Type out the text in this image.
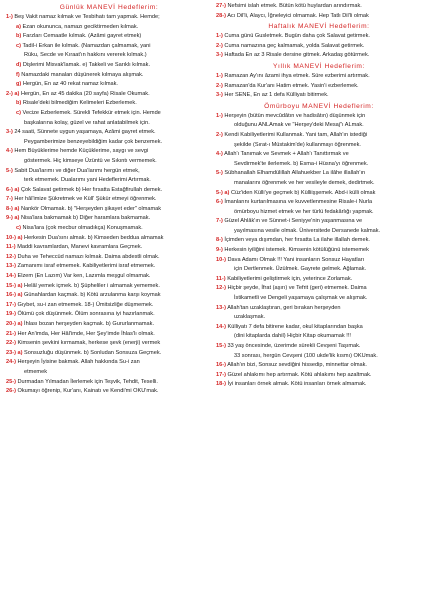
Günlük MANEVİ Hedeflerim:
1-) Beş Vakit namaz kılmak ve Tesbihatı tam yapmak. Hemde;
a) Ezan okununca, namazı geciktirmeden kılmak.
b) Farzları Cemaatle kılmak. (Azâmi gayret etmek)
c) Tadil-i Erkan ile kılmak. (Namazdan çalmamak, yani
Rüku, Secde ve Kıraat'ın hakkını vererek kılmak.)
d) Dişlerimi Misvak'lamak. e) Takkeli ve Sarıklı kılmak.
f) Namazdaki manaları düşünerek kılmaya alışmak.
g) Hergün, En az 40 rekat namaz kılmak.
2-) a) Hergün, En az 45 dakika (20 sayfa) Risale Okumak.
b) Risale'deki bilmediğim Kelimeleri Ezberlemek.
c) Vecize Ezberlemek. Sürekli Tefekkür etmek için. Hemde
başkalarına kolay, güzel ve rahat anlatabilmek için.
3-) 24 saati, Sünnete uygun yaşamaya, Azâmi gayret etmek.
Peygamberimize benzeyebildiğim kadar çok benzemek.
4-) Hem Büyüklerime hemde Küçüklerime, saygı ve sevgi
göstermek. Hiç kimseye Üzüntü ve Sıkıntı vermemek.
5-) Sabit Dua'larımı ve diğer Dua'larımı hergün etmek,
terk etmemek. Dualarımı yani Hedeflerimi Artırmak.
6-) a) Çok Salavat getirmek b) Her fırsatta Estağfirullah demek.
7-) Her hâl'imize Şükretmek ve Küll' Şükür etmeyi öğrenmek.
8-) a) Nankör Olmamak. b) "Herşeyden şikayet eder" olmamak
9-) a) Nisa'lara bakmamak b) Diğer haramlara bakmamak.
c) Nisa'lara (çok mecbur olmadıkça) Konuşmamak.
10-) a) Herkesin Dua'sını almak. b) Kimseden beddua almamak
11-) Maddi kavramlardan, Manevi kavramlara Geçmek.
12-) Duha ve Teheccüd namazı kılmak. Daima abdestli olmak.
13-) Zamanımı israf etmemek. Kabiliyetlerimi israf etmemek.
14-) Elzem (En Lazım) Var ken, Lazımla meşgul olmamak.
15-) a) Helâl yemek içmek. b) Şüpheliler i almamak yememek.
16-) a) Günahlardan kaçmak. b) Kötü arzulanma karşı koymak
17-) Gıybet, su-i zan etmemek. 18-) Ümitsizliğe düşmemek.
19-) Ölümü çok düşünmek. Ölüm sonrasına iyi hazırlanmak.
20-) a) İhlası bozan herşeyden kaçmak. b) Gururlanmamak.
21-) Her An'imda, Her Hâl'imde, Her Şey'imde İhlas'lı olmak.
22-) Kimsenin şevkini kırmamak, herkese şevk (enerji) vermek
23-) a) Sonsuzluğu düşünmek. b) Sonludan Sonsuza Geçmek.
24-) Herşeyin İyisine bakmak. Allah hakkında Su-i zan
etmemek
25-) Durmadan Yılmadan İlerlemek için Teşvik, Tehdit, Teselli.
26-) Okumayı öğrenip, Kur'anı, Kainatı ve Kendi'mi OKU'mak.
27-) Nefsimi islah etmek. Bütün kötü huylardan arındırmak.
28-) Acı Dil'li, Alaycı, İğneleyici olmamak. Hep Tatlı Dil'li olmak
Haftalık MANEVİ Hedeflerim:
1-) Cuma günü Gusletmek. Bugün daha çok Salavat getirmek.
2-) Cuma namazına geç kalmamak, yolda Salavat getirmek.
3-) Haftada En az 3 Risale dersine gitmek. Arkadaş götürmek.
Yıllık MANEVİ Hedeflerim:
1-) Ramazan Ay'ını âzami ihya etmek. Süre ezberimi artırmak.
2-) Ramazan'da Kur'anı Hatim etmek. Yasin'i ezberlemek.
3-) Her SENE, En az 1 defa Külliyatı bitirmek.
Ömürboyu MANEVİ Hedeflerim:
1-) Herşeyin (bütün mevcûdâtın ve hadisâtın) düşünmek için
olduğunu ANLAmak ve "Herşey'deki Mesaj"ı ALmak.
2-) Kendi Kabiliyetlerimi Kullanmak. Yani tam, Allah'ın istediği
şekilde (Sırat-ı Müstakim'de) kullanmayı öğrenmek.
4-) Allah'ı Tanımak ve Sevmek + Allah'ı Tanıttırmak ve
Sevdirmek'te ilerlemek. b) Esma-i Hüsna'yı öğrenmek.
5-) Sübhanallah Elhamdülillah Allahuekber La ilâhe illallah'ın
manalarını öğrenmek ve her vesileyle demek, dedirtmek.
5-) a) Cüz'iden Külli'ye geçmek b) Külliişşemek. Abd-i külli olmak
6-) İmanlarını kurtarılmasına ve kuvvetlenmesine Risale-i Nurla
ömürboyu hizmet etmek ve her türlü fedakârlığı yapmak.
7-) Güzel Ahlâk'ın ve Sünnet-i Seniyye'nin yaşanmasına ve
yayılmasına vesile olmak. Üniversitede Dersanede kalmak.
8-) İçimden veya dışımdan, her fırsatta La ilahe illallah demek.
9-) Herkesin iyiliğini istemek. Kimsenin kötülüğünü istememek
10-) Dava Adamı Olmak !!! Yani insanların Sonsuz Hayatları
için Dertlenmek. Üzülmek. Gayrete gelmek. Ağlamak.
11-) Kabiliyetlerimi geliştirmek için, yeterince Zorlamak.
12-) Hiçbir şeyde, İfrat (aşırı) ve Tefrit (geri) etmemek. Daima
İstikametli ve Dengeli yaşamaya çalışmak ve alışmak.
13-) Allah'tan uzaklaştıran, geri bırakan herşeyden
uzaklaşmak.
14-) Külliyatı 7 defa bitirene kadar, okul kitaplarından başka
(dini kitaplarda dahil) Hiçbir Kitap okumamak !!!
15-) 33 yaş öncesinde, üzerimde sürekli Cevşeni Taşımak.
33 sonrası, hergün Cevşeni (100 ukde'lik kısmı) OKUmak.
16-) Allah'ın bizi, Sonsuz sevdiğini hissedip, minnettar olmak.
17-) Güzel ahlakımı hep artırmak. Kötü ahlakımı hep azaltmak.
18-) İyi insanları örnek almak. Kötü insanları örnek almamak.
